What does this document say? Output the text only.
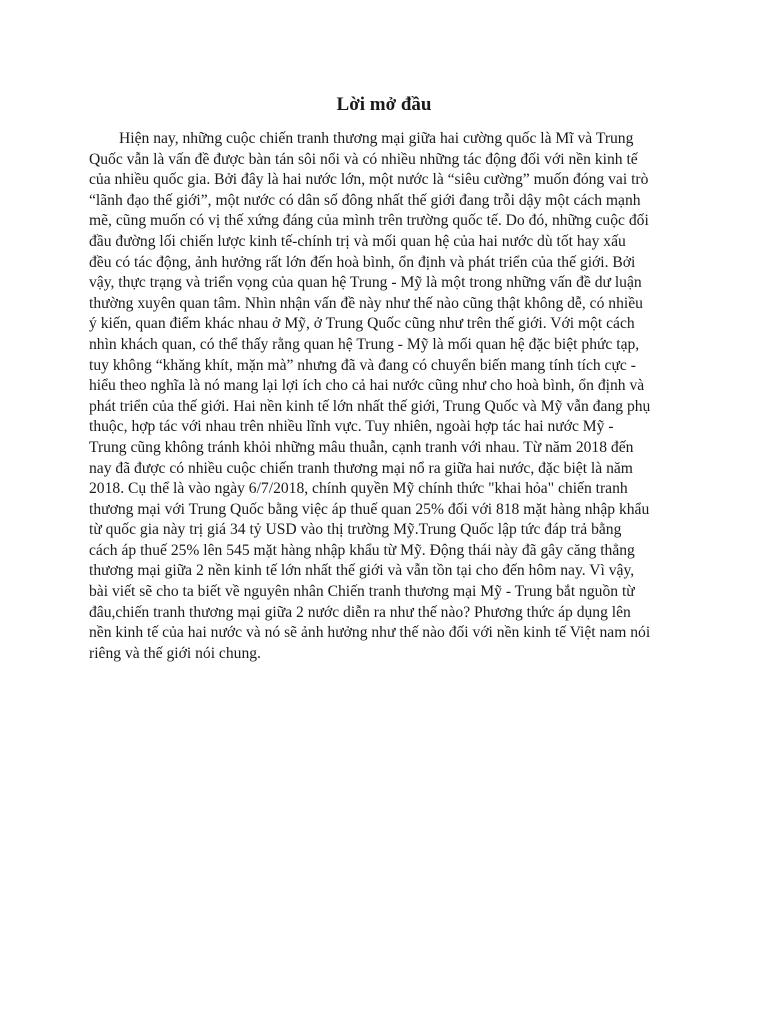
Lời mở đầu
Hiện nay, những cuộc chiến tranh thương mại giữa hai cường quốc là Mĩ và Trung
Quốc vẫn là vấn đề được bàn tán sôi nổi và có nhiều những tác động đối với nền kinh tế
của nhiều quốc gia. Bởi đây là hai nước lớn, một nước là “siêu cường” muốn đóng vai trò
“lãnh đạo thế giới”, một nước có dân số đông nhất thế giới đang trỗi dậy một cách mạnh
mẽ, cũng muốn có vị thế xứng đáng của mình trên trường quốc tế. Do đó, những cuộc đối
đầu đường lối chiến lược kinh tế-chính trị và mối quan hệ của hai nước dù tốt hay xấu
đều có tác động, ảnh hưởng rất lớn đến hoà bình, ổn định và phát triển của thế giới. Bởi
vậy, thực trạng và triển vọng của quan hệ Trung - Mỹ là một trong những vấn đề dư luận
thường xuyên quan tâm. Nhìn nhận vấn đề này như thế nào cũng thật không dễ, có nhiều
ý kiến, quan điểm khác nhau ở Mỹ, ở Trung Quốc cũng như trên thế giới. Với một cách
nhìn khách quan, có thể thấy rằng quan hệ Trung - Mỹ là mối quan hệ đặc biệt phức tạp,
tuy không “khăng khít, mặn mà” nhưng đã và đang có chuyển biến mang tính tích cực -
hiểu theo nghĩa là nó mang lại lợi ích cho cả hai nước cũng như cho hoà bình, ổn định và
phát triển của thế giới. Hai nền kinh tế lớn nhất thế giới, Trung Quốc và Mỹ vẫn đang phụ
thuộc, hợp tác với nhau trên nhiều lĩnh vực. Tuy nhiên, ngoài hợp tác hai nước Mỹ -
Trung cũng không tránh khỏi những mâu thuẫn, cạnh tranh với nhau. Từ năm 2018 đến
nay đã được có nhiều cuộc chiến tranh thương mại nổ ra giữa hai nước, đặc biệt là năm
2018. Cụ thể là vào ngày 6/7/2018, chính quyền Mỹ chính thức "khai hỏa" chiến tranh
thương mại với Trung Quốc bằng việc áp thuế quan 25% đối với 818 mặt hàng nhập khẩu
từ quốc gia này trị giá 34 tỷ USD vào thị trường Mỹ.Trung Quốc lập tức đáp trả bằng
cách áp thuế 25% lên 545 mặt hàng nhập khẩu từ Mỹ. Động thái này đã gây căng thẳng
thương mại giữa 2 nền kinh tế lớn nhất thế giới và vẫn tồn tại cho đến hôm nay. Vì vậy,
bài viết sẽ cho ta biết về nguyên nhân Chiến tranh thương mại Mỹ - Trung bắt nguồn từ
đâu,chiến tranh thương mại giữa 2 nước diễn ra như thế nào? Phương thức áp dụng lên
nền kinh tế của hai nước và nó sẽ ảnh hưởng như thế nào đối với nền kinh tế Việt nam nói
riêng và thế giới nói chung.
